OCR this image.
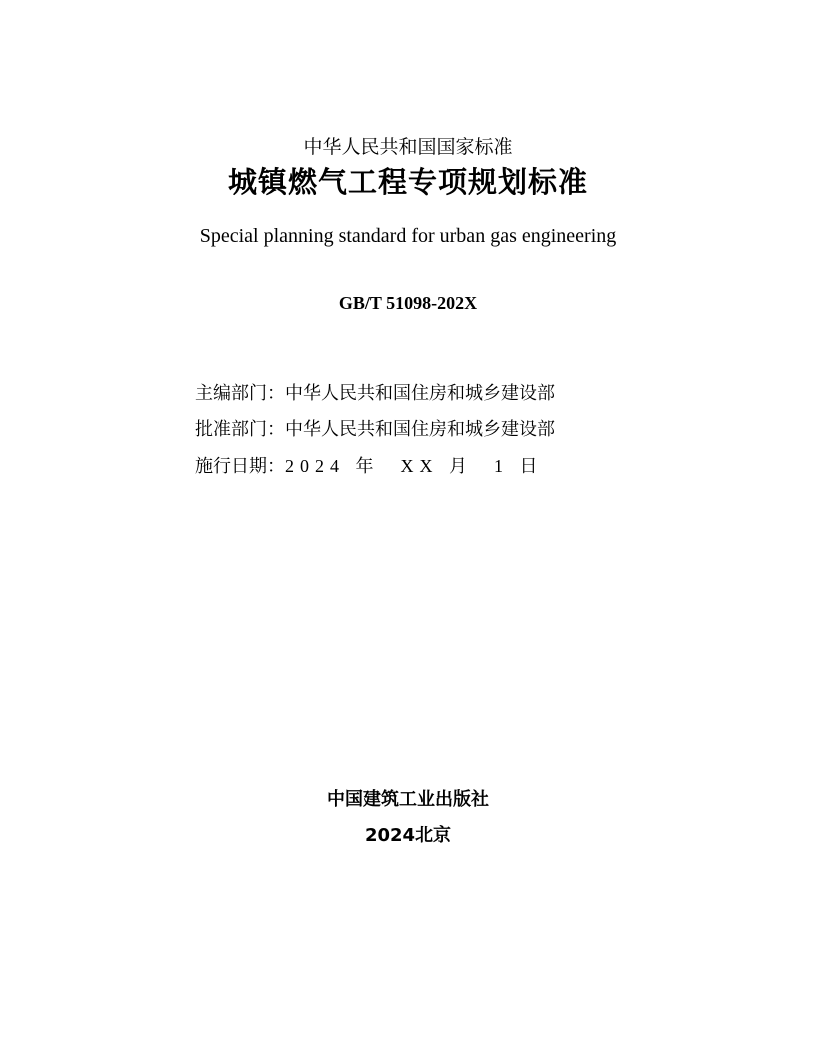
中华人民共和国国家标准
城镇燃气工程专项规划标准
Special planning standard for urban gas engineering
GB/T 51098-202X
主编部门：中华人民共和国住房和城乡建设部
批准部门：中华人民共和国住房和城乡建设部
施行日期：2024 年  XX 月  1 日
中国建筑工业出版社
2024北京
